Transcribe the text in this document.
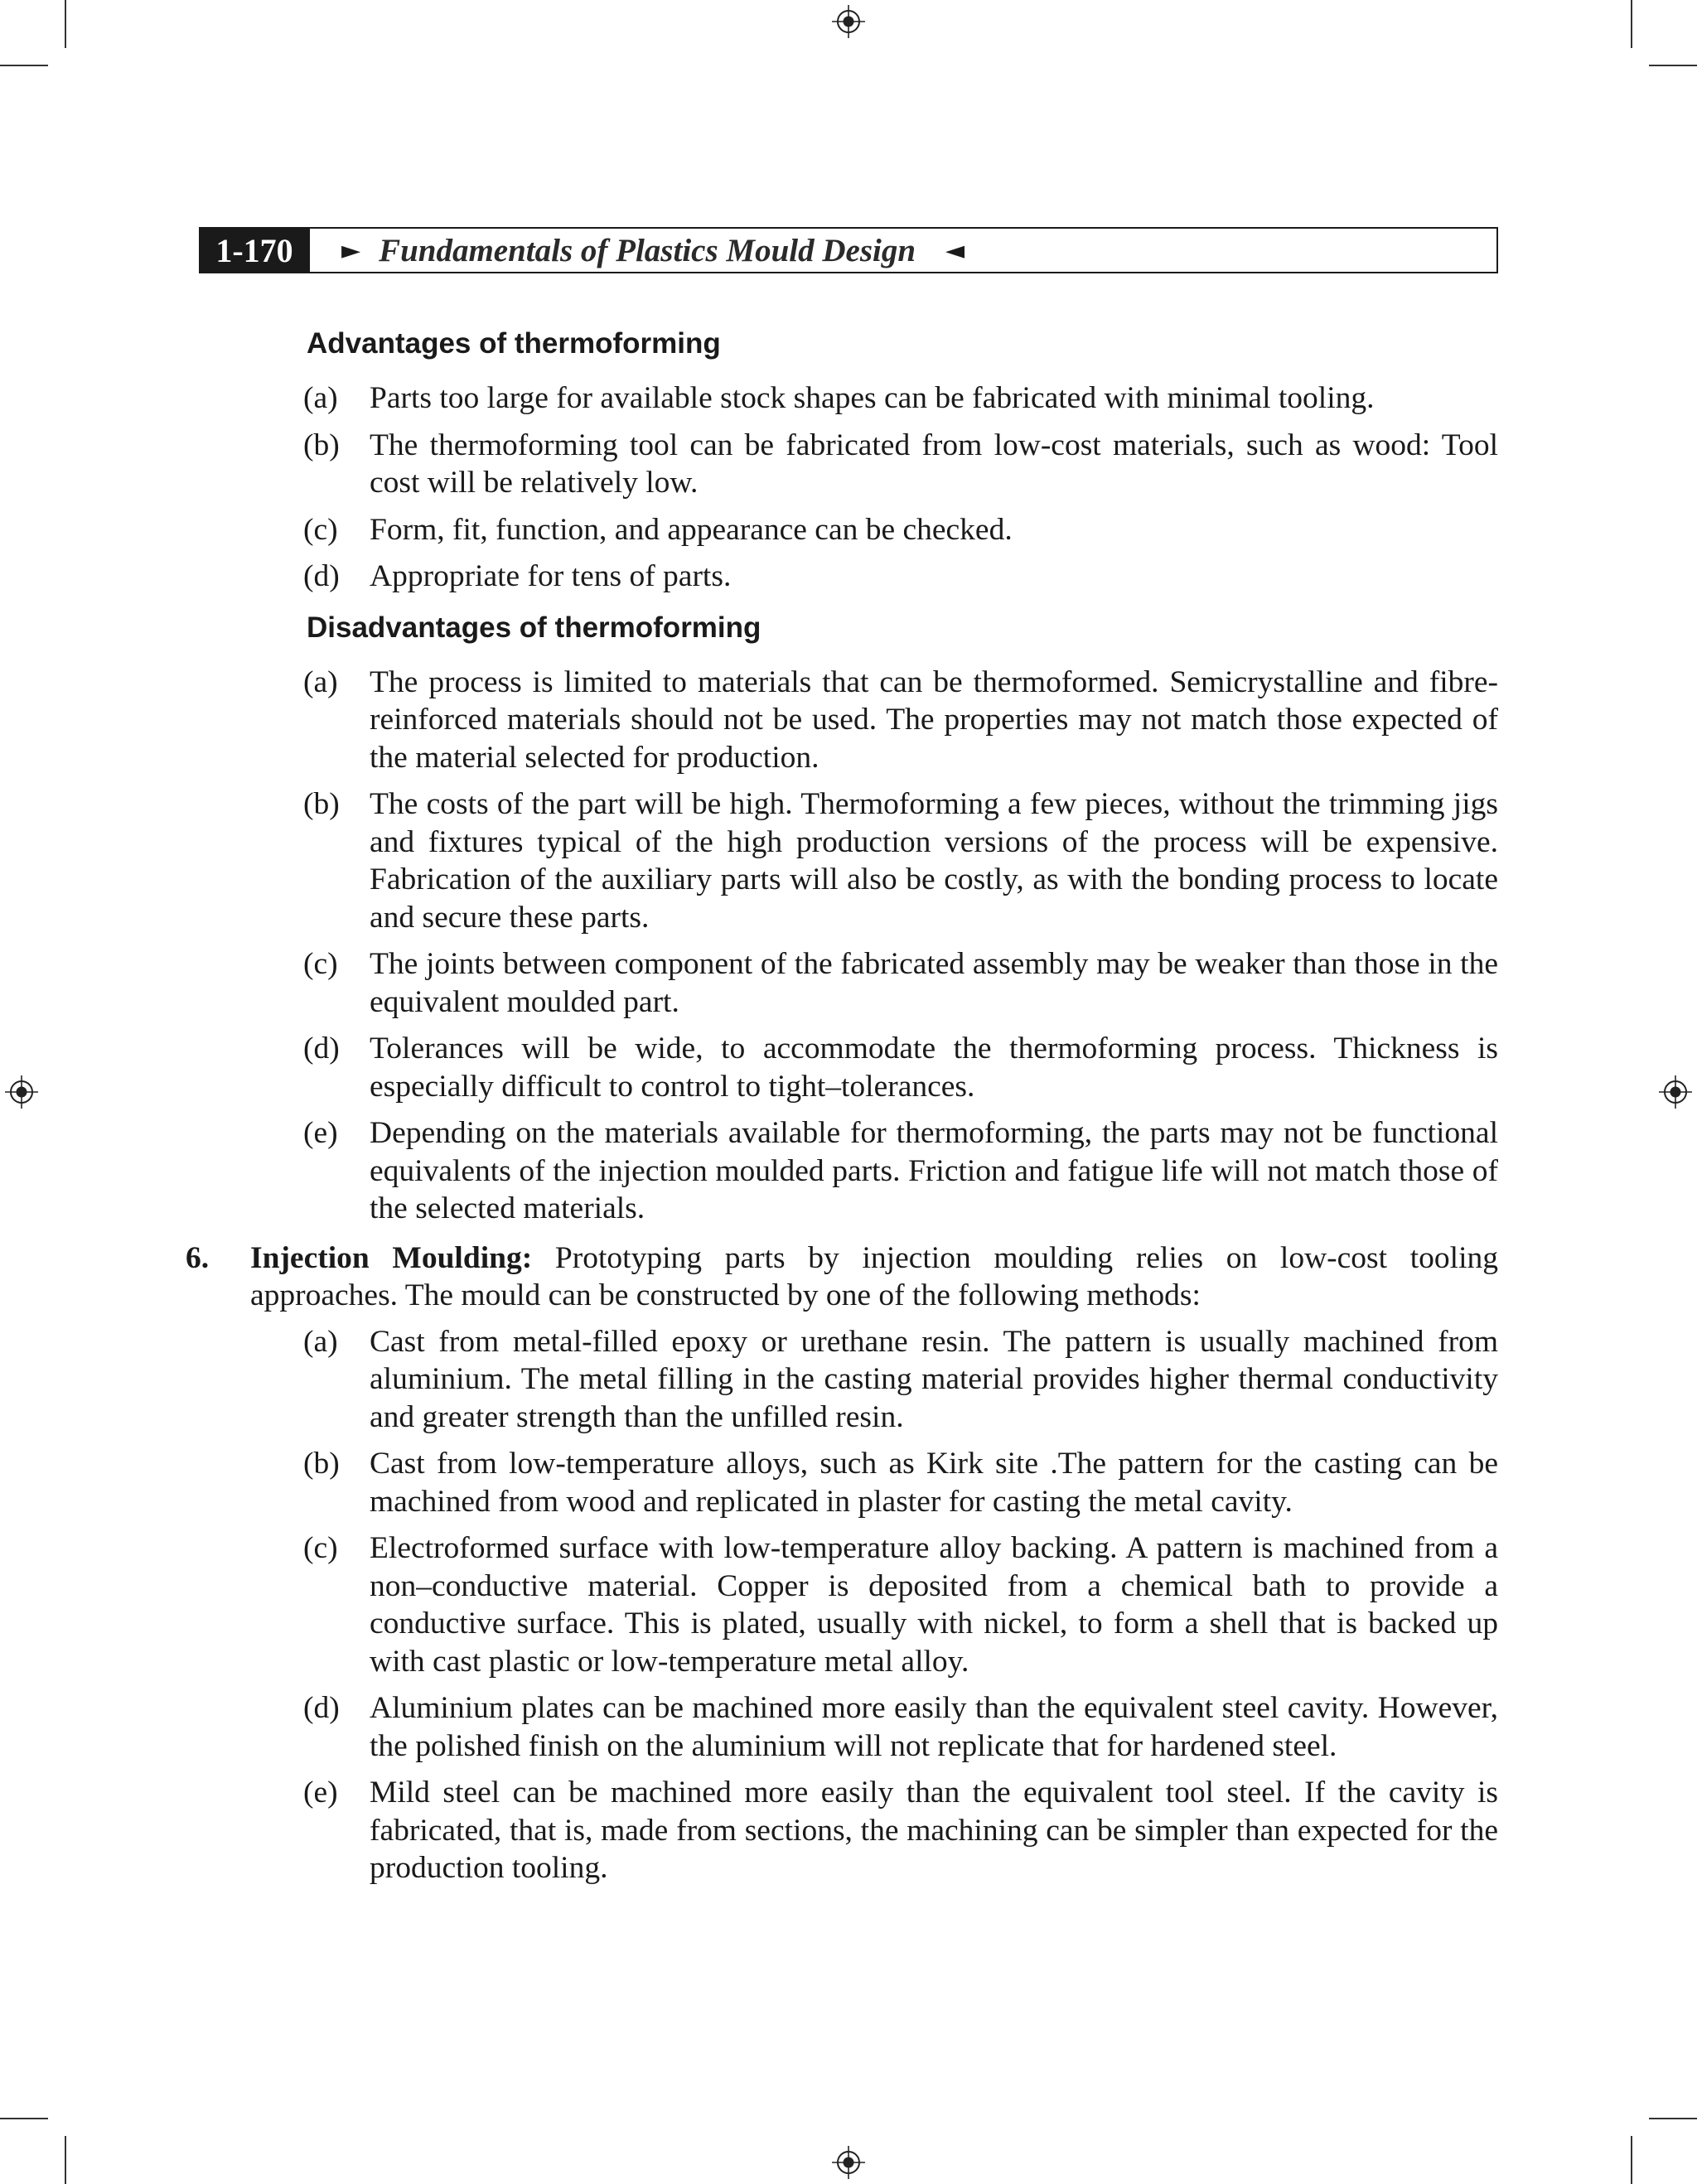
1-170	► Fundamentals of Plastics Mould Design ◄
Advantages of thermoforming
(a)	Parts too large for available stock shapes can be fabricated with minimal tooling.
(b) The thermoforming tool can be fabricated from low-cost materials, such as wood: Tool cost will be relatively low.
(c)	Form, fit, function, and appearance can be checked.
(d) Appropriate for tens of parts.
Disadvantages of thermoforming
(a)	The process is limited to materials that can be thermoformed. Semicrystalline and fibre-reinforced materials should not be used. The properties may not match those expected of the material selected for production.
(b) The costs of the part will be high. Thermoforming a few pieces, without the trimming jigs and fixtures typical of the high production versions of the process will be expensive. Fabrication of the auxiliary parts will also be costly, as with the bonding process to locate and secure these parts.
(c)	The joints between component of the fabricated assembly may be weaker than those in the equivalent moulded part.
(d) Tolerances will be wide, to accommodate the thermoforming process. Thickness is especially difficult to control to tight–tolerances.
(e)	Depending on the materials available for thermoforming, the parts may not be functional equivalents of the injection moulded parts. Friction and fatigue life will not match those of the selected materials.
6.	Injection Moulding: Prototyping parts by injection moulding relies on low-cost tooling approaches. The mould can be constructed by one of the following methods:
(a)	Cast from metal-filled epoxy or urethane resin. The pattern is usually machined from aluminium. The metal filling in the casting material provides higher thermal conductivity and greater strength than the unfilled resin.
(b) Cast from low-temperature alloys, such as Kirk site .The pattern for the casting can be machined from wood and replicated in plaster for casting the metal cavity.
(c)	Electroformed surface with low-temperature alloy backing. A pattern is machined from a non–conductive material. Copper is deposited from a chemical bath to provide a conductive surface. This is plated, usually with nickel, to form a shell that is backed up with cast plastic or low-temperature metal alloy.
(d) Aluminium plates can be machined more easily than the equivalent steel cavity. However, the polished finish on the aluminium will not replicate that for hardened steel.
(e)	Mild steel can be machined more easily than the equivalent tool steel. If the cavity is fabricated, that is, made from sections, the machining can be simpler than expected for the production tooling.
